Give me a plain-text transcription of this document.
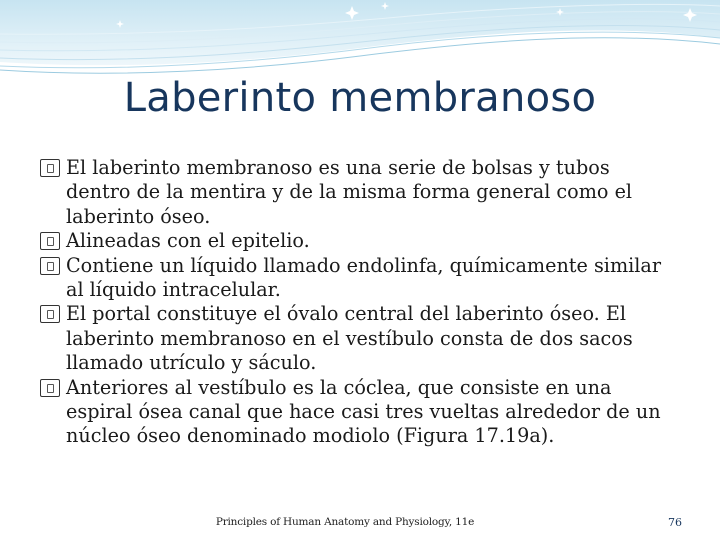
Laberinto membranoso
El laberinto membranoso es una serie de bolsas y tubos dentro de la mentira y de la misma forma general como el laberinto óseo.
Alineadas con el epitelio.
Contiene un líquido llamado endolinfa, químicamente similar al líquido intracelular.
El portal constituye el óvalo central del laberinto óseo. El laberinto membranoso en el vestíbulo consta de dos sacos llamado utrículo y sáculo.
Anteriores al vestíbulo es la cóclea, que consiste en una espiral ósea canal que hace casi tres vueltas alrededor de un núcleo óseo denominado modiolo (Figura 17.19a).
Principles of Human Anatomy and Physiology, 11e	76
